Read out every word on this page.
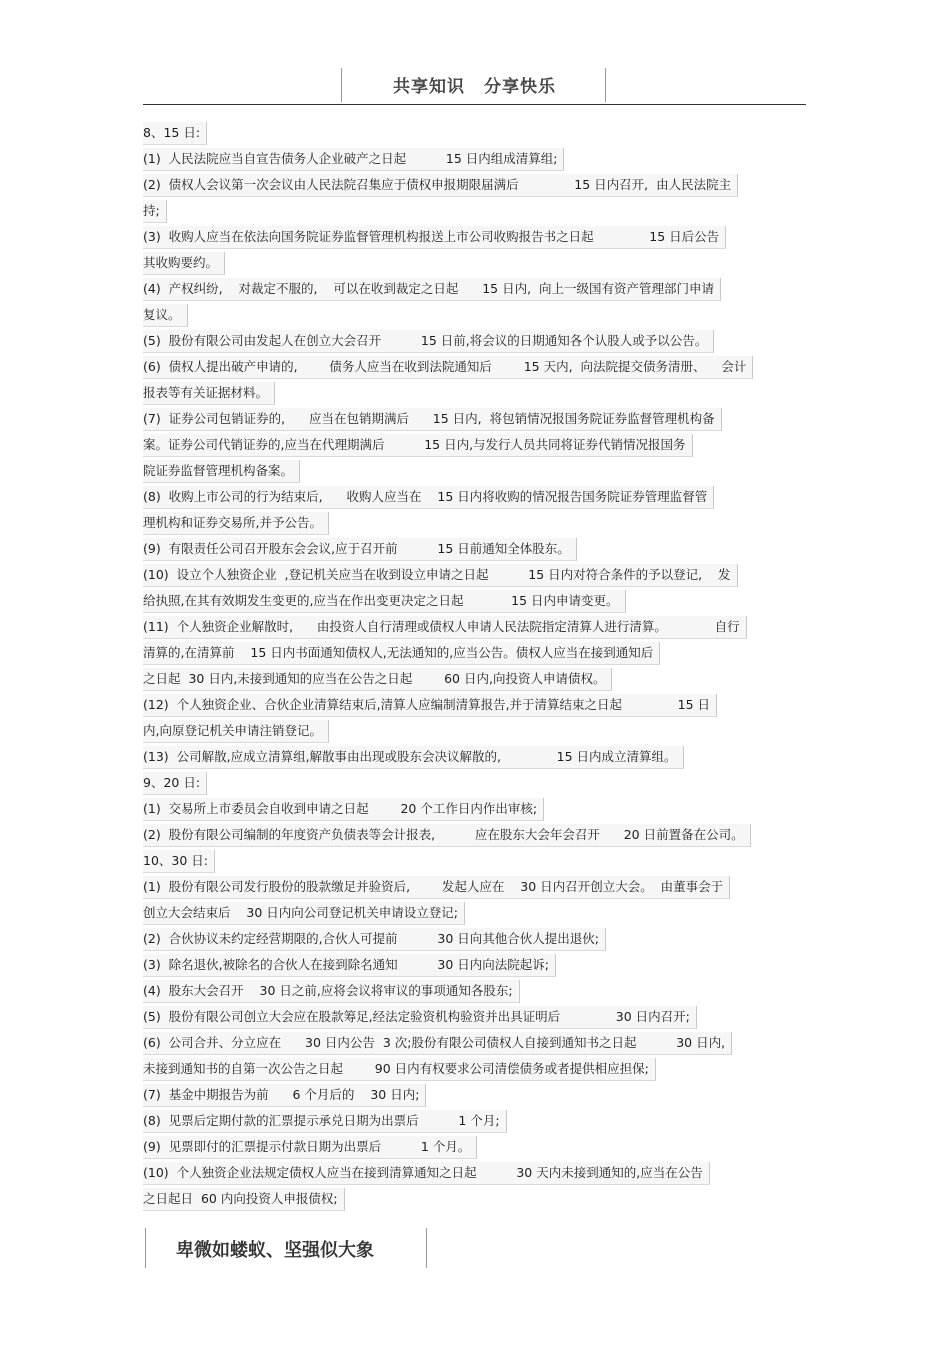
共享知识 分享快乐
8、15 日:
(1)  人民法院应当自宣告债务人企业破产之日起          15 日内组成清算组;
(2)  债权人会议第一次会议由人民法院召集应于债权申报期限届满后              15 日内召开,  由人民法院主
持;
(3)  收购人应当在依法向国务院证券监督管理机构报送上市公司收购报告书之日起              15 日后公告
其收购要约。
(4)  产权纠纷,    对裁定不服的,    可以在收到裁定之日起      15 日内,  向上一级国有资产管理部门申请
复议。
(5)  股份有限公司由发起人在创立大会召开          15 日前,将会议的日期通知各个认股人或予以公告。
(6)  债权人提出破产申请的,        债务人应当在收到法院通知后        15 天内,  向法院提交债务清册、    会计
报表等有关证据材料。
(7)  证券公司包销证券的,      应当在包销期满后      15 日内,  将包销情况报国务院证券监督管理机构备
案。证券公司代销证券的,应当在代理期满后          15 日内,与发行人员共同将证券代销情况报国务
院证券监督管理机构备案。
(8)  收购上市公司的行为结束后,      收购人应当在    15 日内将收购的情况报告国务院证券管理监督管
理机构和证券交易所,并予公告。
(9)  有限责任公司召开股东会会议,应于召开前          15 日前通知全体股东。
(10)  设立个人独资企业  ,登记机关应当在收到设立申请之日起          15 日内对符合条件的予以登记,    发
给执照,在其有效期发生变更的,应当在作出变更决定之日起            15 日内申请变更。
(11)  个人独资企业解散时,      由投资人自行清理或债权人申请人民法院指定清算人进行清算。            自行
清算的,在清算前    15 日内书面通知债权人,无法通知的,应当公告。债权人应当在接到通知后
之日起  30 日内,未接到通知的应当在公告之日起        60 日内,向投资人申请债权。
(12)  个人独资企业、合伙企业清算结束后,清算人应编制清算报告,并于清算结束之日起              15 日
内,向原登记机关申请注销登记。
(13)  公司解散,应成立清算组,解散事由出现或股东会决议解散的,              15 日内成立清算组。
9、20 日:
(1)  交易所上市委员会自收到申请之日起        20 个工作日内作出审核;
(2)  股份有限公司编制的年度资产负债表等会计报表,          应在股东大会年会召开      20 日前置备在公司。
10、30 日:
(1)  股份有限公司发行股份的股款缴足并验资后,        发起人应在    30 日内召开创立大会。  由董事会于
创立大会结束后    30 日内向公司登记机关申请设立登记;
(2)  合伙协议未约定经营期限的,合伙人可提前          30 日向其他合伙人提出退伙;
(3)  除名退伙,被除名的合伙人在接到除名通知          30 日内向法院起诉;
(4)  股东大会召开    30 日之前,应将会议将审议的事项通知各股东;
(5)  股份有限公司创立大会应在股款筹足,经法定验资机构验资并出具证明后              30 日内召开;
(6)  公司合并、分立应在      30 日内公告  3 次;股份有限公司债权人自接到通知书之日起          30 日内,
未接到通知书的自第一次公告之日起        90 日内有权要求公司清偿债务或者提供相应担保;
(7)  基金中期报告为前      6 个月后的    30 日内;
(8)  见票后定期付款的汇票提示承兑日期为出票后          1 个月;
(9)  见票即付的汇票提示付款日期为出票后          1 个月。
(10)  个人独资企业法规定债权人应当在接到清算通知之日起          30 天内未接到通知的,应当在公告
之日起日  60 内向投资人申报债权;
卑微如蝼蚁、坚强似大象
